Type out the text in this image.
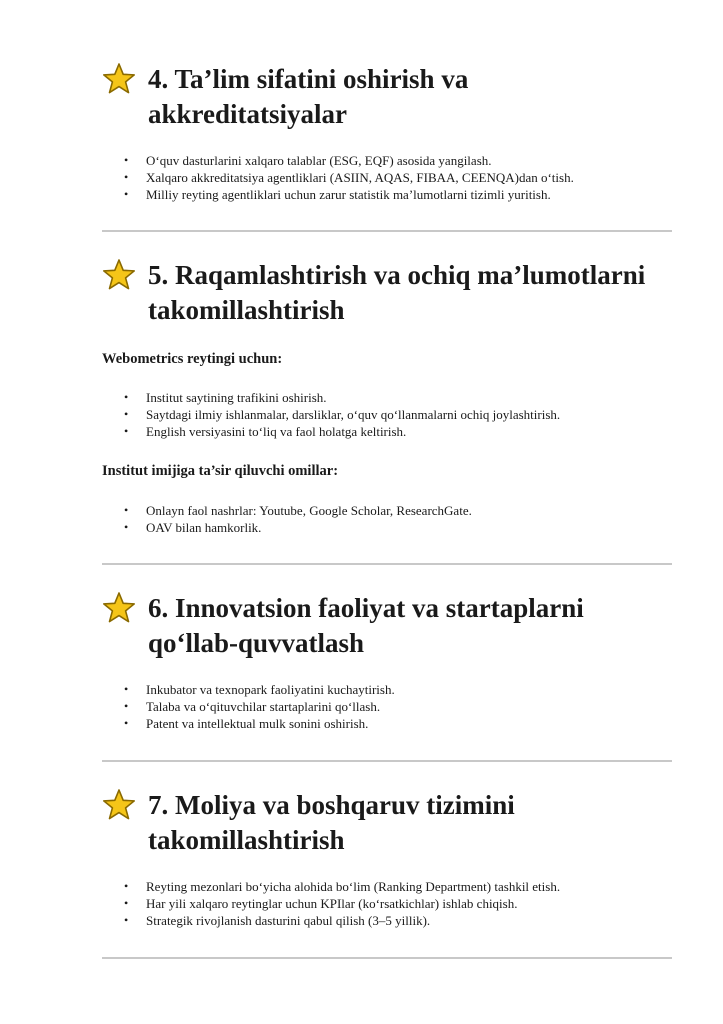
4. Ta’lim sifatini oshirish va akkreditatsiyalar
• O‘quv dasturlarini xalqaro talablar (ESG, EQF) asosida yangilash.
• Xalqaro akkreditatsiya agentliklari (ASIIN, AQAS, FIBAA, CEENQA)dan o‘tish.
• Milliy reyting agentliklari uchun zarur statistik ma’lumotlarni tizimli yuritish.
5. Raqamlashtirish va ochiq ma’lumotlarni takomillashtirish
Webometrics reytingi uchun:
• Institut saytining trafikini oshirish.
• Saytdagi ilmiy ishlanmalar, darsliklar, o‘quv qo‘llanmalarni ochiq joylashtirish.
• English versiyasini to‘liq va faol holatga keltirish.
Institut imijiga ta’sir qiluvchi omillar:
• Onlayn faol nashrlar: Youtube, Google Scholar, ResearchGate.
• OAV bilan hamkorlik.
6. Innovatsion faoliyat va startaplarni qo‘llab-quvvatlash
• Inkubator va texnopark faoliyatini kuchaytirish.
• Talaba va o‘qituvchilar startaplarini qo‘llash.
• Patent va intellektual mulk sonini oshirish.
7. Moliya va boshqaruv tizimini takomillashtirish
• Reyting mezonlari bo‘yicha alohida bo‘lim (Ranking Department) tashkil etish.
• Har yili xalqaro reytinglar uchun KPIlar (ko‘rsatkichlar) ishlab chiqish.
• Strategik rivojlanish dasturini qabul qilish (3–5 yillik).
